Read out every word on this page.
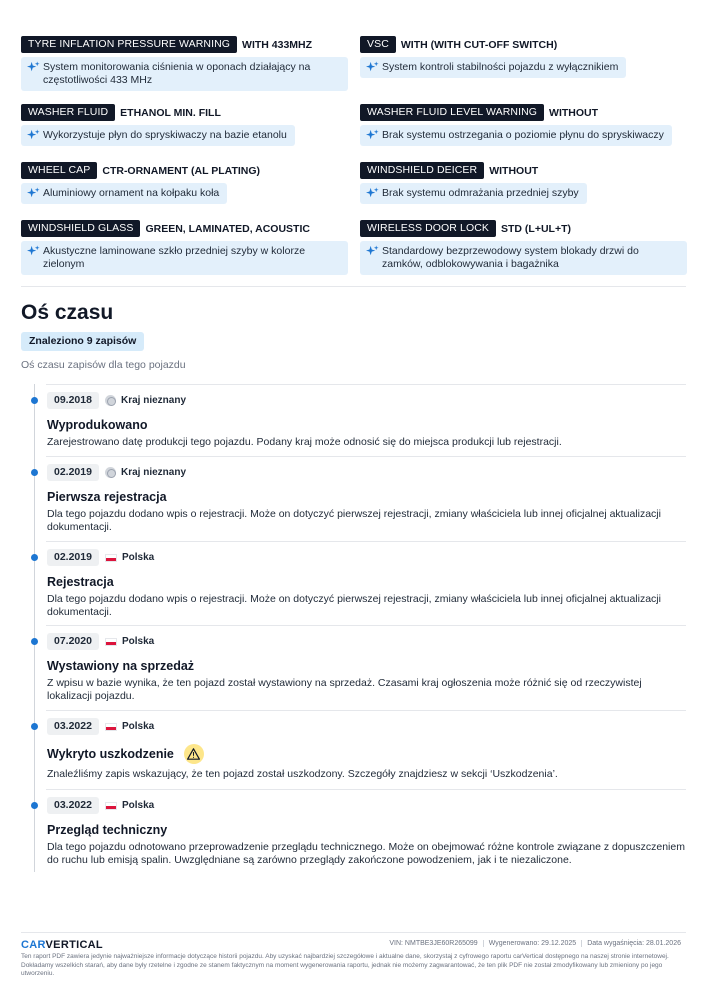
TYRE INFLATION PRESSURE WARNING	WITH 433MHZ
System monitorowania ciśnienia w oponach działający na częstotliwości 433 MHz
VSC	WITH (WITH CUT-OFF SWITCH)
System kontroli stabilności pojazdu z wyłącznikiem
WASHER FLUID	ETHANOL MIN. FILL
Wykorzystuje płyn do spryskiwaczy na bazie etanolu
WASHER FLUID LEVEL WARNING	WITHOUT
Brak systemu ostrzegania o poziomie płynu do spryskiwaczy
WHEEL CAP	CTR-ORNAMENT (AL PLATING)
Aluminiowy ornament na kołpaku koła
WINDSHIELD DEICER	WITHOUT
Brak systemu odmrażania przedniej szyby
WINDSHIELD GLASS	GREEN, LAMINATED, ACOUSTIC
Akustyczne laminowane szkło przedniej szyby w kolorze zielonym
WIRELESS DOOR LOCK	STD (L+UL+T)
Standardowy bezprzewodowy system blokady drzwi do zamków, odblokowywania i bagażnika
Oś czasu
Znaleziono 9 zapisów
Oś czasu zapisów dla tego pojazdu
09.2018	Kraj nieznany
Wyprodukowano
Zarejestrowano datę produkcji tego pojazdu. Podany kraj może odnosić się do miejsca produkcji lub rejestracji.
02.2019	Kraj nieznany
Pierwsza rejestracja
Dla tego pojazdu dodano wpis o rejestracji. Może on dotyczyć pierwszej rejestracji, zmiany właściciela lub innej oficjalnej aktualizacji dokumentacji.
02.2019	Polska
Rejestracja
Dla tego pojazdu dodano wpis o rejestracji. Może on dotyczyć pierwszej rejestracji, zmiany właściciela lub innej oficjalnej aktualizacji dokumentacji.
07.2020	Polska
Wystawiony na sprzedaż
Z wpisu w bazie wynika, że ten pojazd został wystawiony na sprzedaż. Czasami kraj ogłoszenia może różnić się od rzeczywistej lokalizacji pojazdu.
03.2022	Polska
Wykryto uszkodzenie
Znaleźliśmy zapis wskazujący, że ten pojazd został uszkodzony. Szczegóły znajdziesz w sekcji ‘Uszkodzenia’.
03.2022	Polska
Przegląd techniczny
Dla tego pojazdu odnotowano przeprowadzenie przeglądu technicznego. Może on obejmować różne kontrole związane z dopuszczeniem do ruchu lub emisją spalin. Uwzględniane są zarówno przeglądy zakończone powodzeniem, jak i te niezaliczone.
CARVERTICAL	VIN: NMTBE3JE60R265099	Wygenerowano: 29.12.2025	Data wygaśnięcia: 28.01.2026
Ten raport PDF zawiera jedynie najważniejsze informacje dotyczące historii pojazdu. Aby uzyskać najbardziej szczegółowe i aktualne dane, skorzystaj z cyfrowego raportu carVertical dostępnego na naszej stronie internetowej. Dokładamy wszelkich starań, aby dane były rzetelne i zgodne ze stanem faktycznym na moment wygenerowania raportu, jednak nie możemy zagwarantować, że ten plik PDF nie został zmodyfikowany lub zmieniony po jego utworzeniu.
